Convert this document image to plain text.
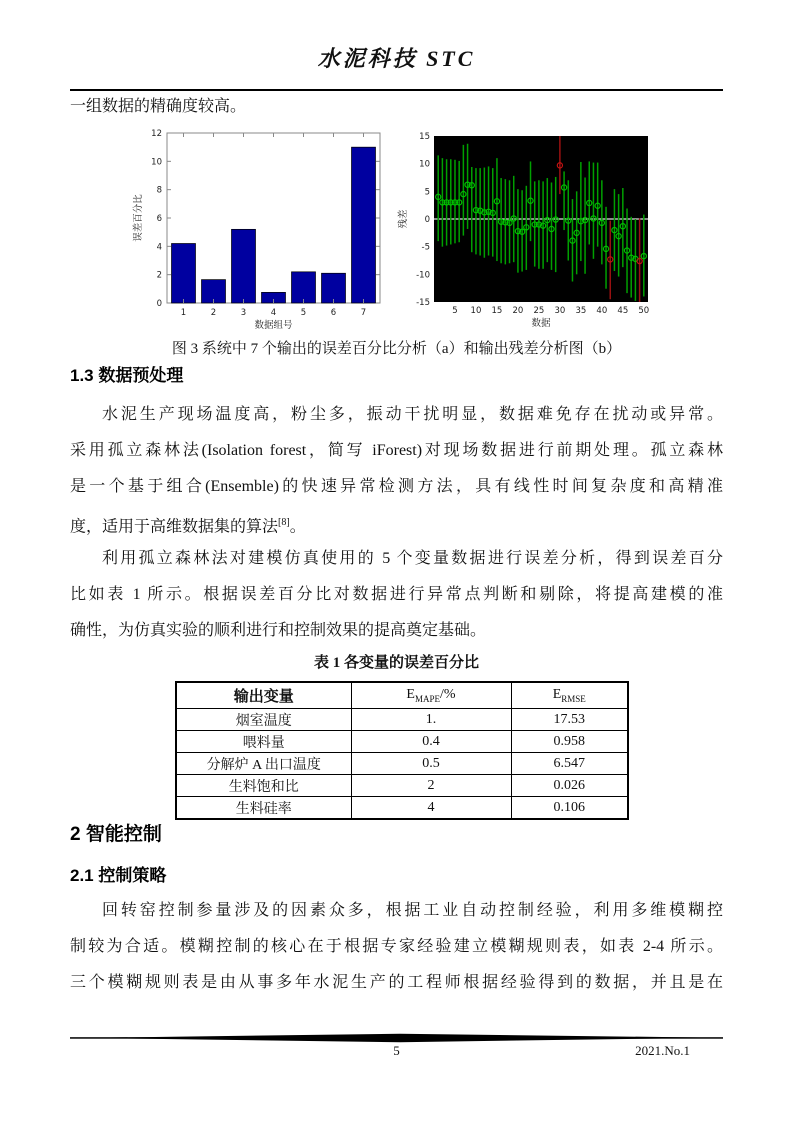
水泥科技 STC
一组数据的精确度较高。
0
2
4
6
8
10
12
1	2	3	4	5	6	7
数据组号
误差百分比
-15
-10
-5
0
5
10
15
5 10 15 20 25 30 35 40 45 50
数据
残差
图 3 系统中 7 个输出的误差百分比分析（a）和输出残差分析图（b）
1.3 数据预处理
水泥生产现场温度高，粉尘多，振动干扰明显，数据难免存在扰动或异常。
采用孤立森林法(Isolation forest，简写 iForest)对现场数据进行前期处理。孤立森林
是一个基于组合(Ensemble)的快速异常检测方法，具有线性时间复杂度和高精准
度，适用于高维数据集的算法[8]。
利用孤立森林法对建模仿真使用的 5 个变量数据进行误差分析，得到误差百分
比如表 1 所示。根据误差百分比对数据进行异常点判断和剔除，将提高建模的准
确性，为仿真实验的顺利进行和控制效果的提高奠定基础。
表 1 各变量的误差百分比
输出变量	$E_{MAPE}/\%$	$E_{RMSE}$
烟室温度	1.	17.53
喂料量	0.4	0.958
分解炉 A 出口温度	0.5	6.547
生料饱和比	2	0.026
生料硅率	4	0.106
2 智能控制
2.1 控制策略
回转窑控制参量涉及的因素众多，根据工业自动控制经验，利用多维模糊控
制较为合适。模糊控制的核心在于根据专家经验建立模糊规则表，如表 2-4 所示。
三个模糊规则表是由从事多年水泥生产的工程师根据经验得到的数据，并且是在
5	2021.No.1
